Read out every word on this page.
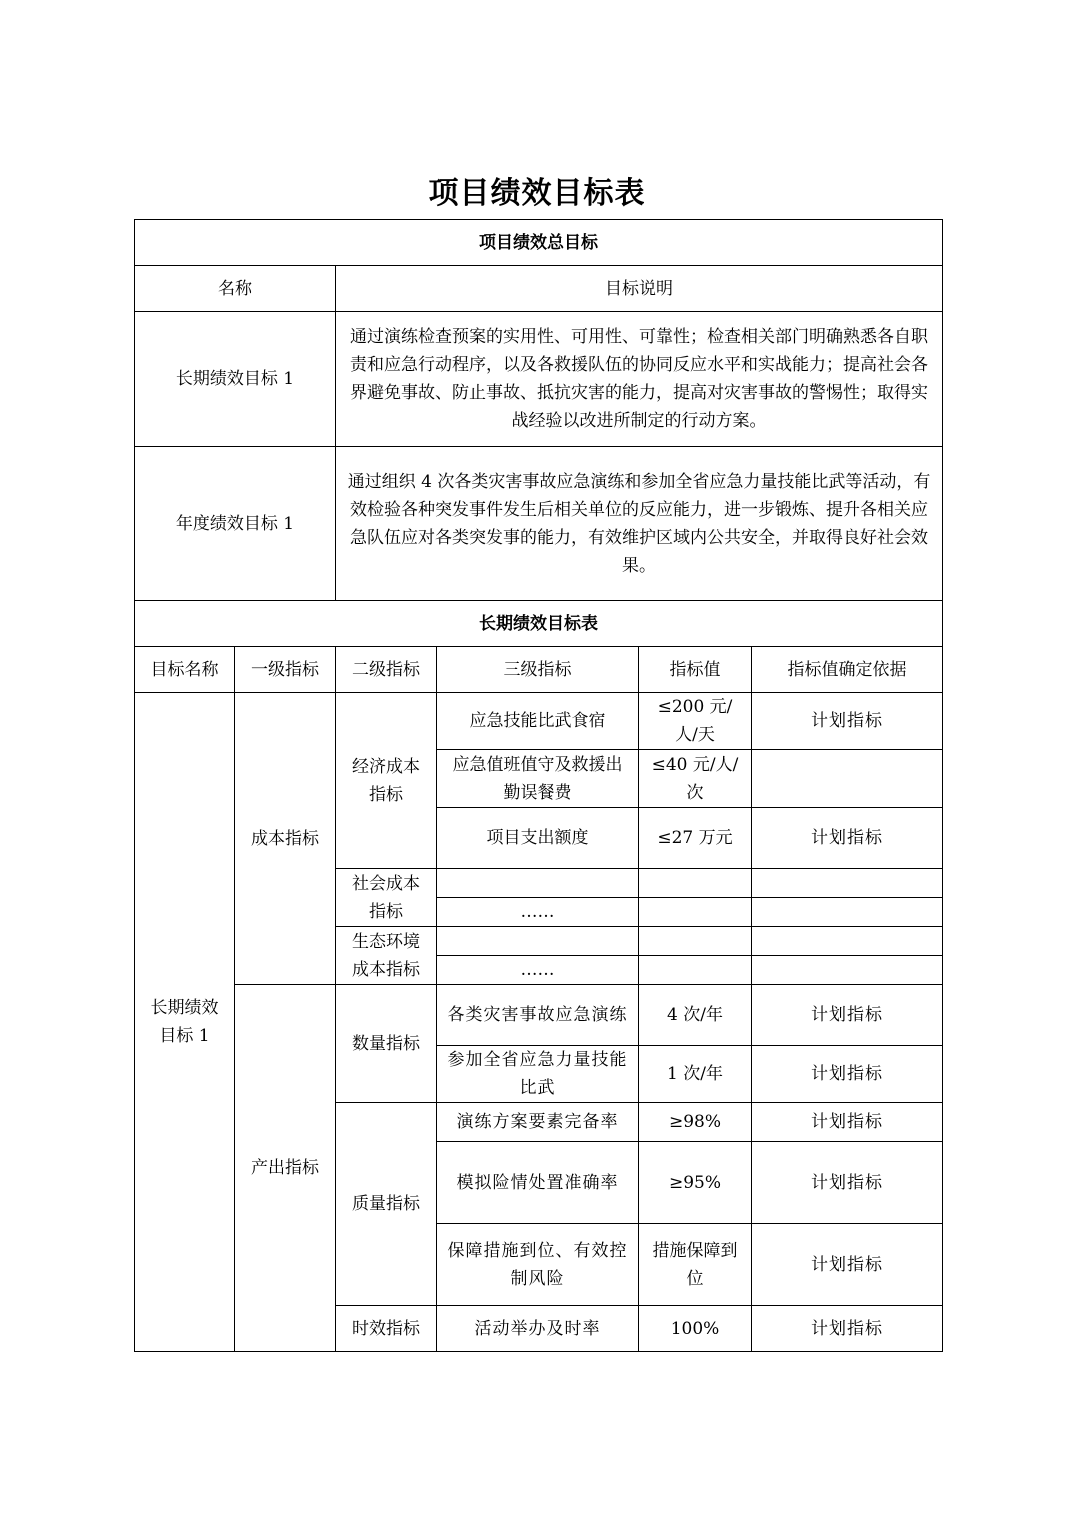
项目绩效目标表
项目绩效总目标					
名称		目标说明			
长期绩效目标 1		通过演练检查预案的实用性、可用性、可靠性；检查相关部门明确熟悉各自职责和应急行动程序，以及各救援队伍的协同反应水平和实战能力；提高社会各界避免事故、防止事故、抵抗灾害的能力，提高对灾害事故的警惕性；取得实战经验以改进所制定的行动方案。			
年度绩效目标 1		通过组织 4 次各类灾害事故应急演练和参加全省应急力量技能比武等活动，有效检验各种突发事件发生后相关单位的反应能力，进一步锻炼、提升各相关应急队伍应对各类突发事的能力，有效维护区域内公共安全，并取得良好社会效果。			
长期绩效目标表					
目标名称	一级指标	二级指标	三级指标	指标值	指标值确定依据
长期绩效目标 1	成本指标	经济成本指标	应急技能比武食宿	≤200 元/人/天	计划指标
			应急值班值守及救援出勤误餐费	≤40 元/人/次	
			项目支出额度	≤27 万元	计划指标
		社会成本指标			
			……		
		生态环境成本指标			
			……		
	产出指标	数量指标	各类灾害事故应急演练	4 次/年	计划指标
			参加全省应急力量技能比武	1 次/年	计划指标
		质量指标	演练方案要素完备率	≥98%	计划指标
			模拟险情处置准确率	≥95%	计划指标
			保障措施到位、有效控制风险	措施保障到位	计划指标
		时效指标	活动举办及时率	100%	计划指标
